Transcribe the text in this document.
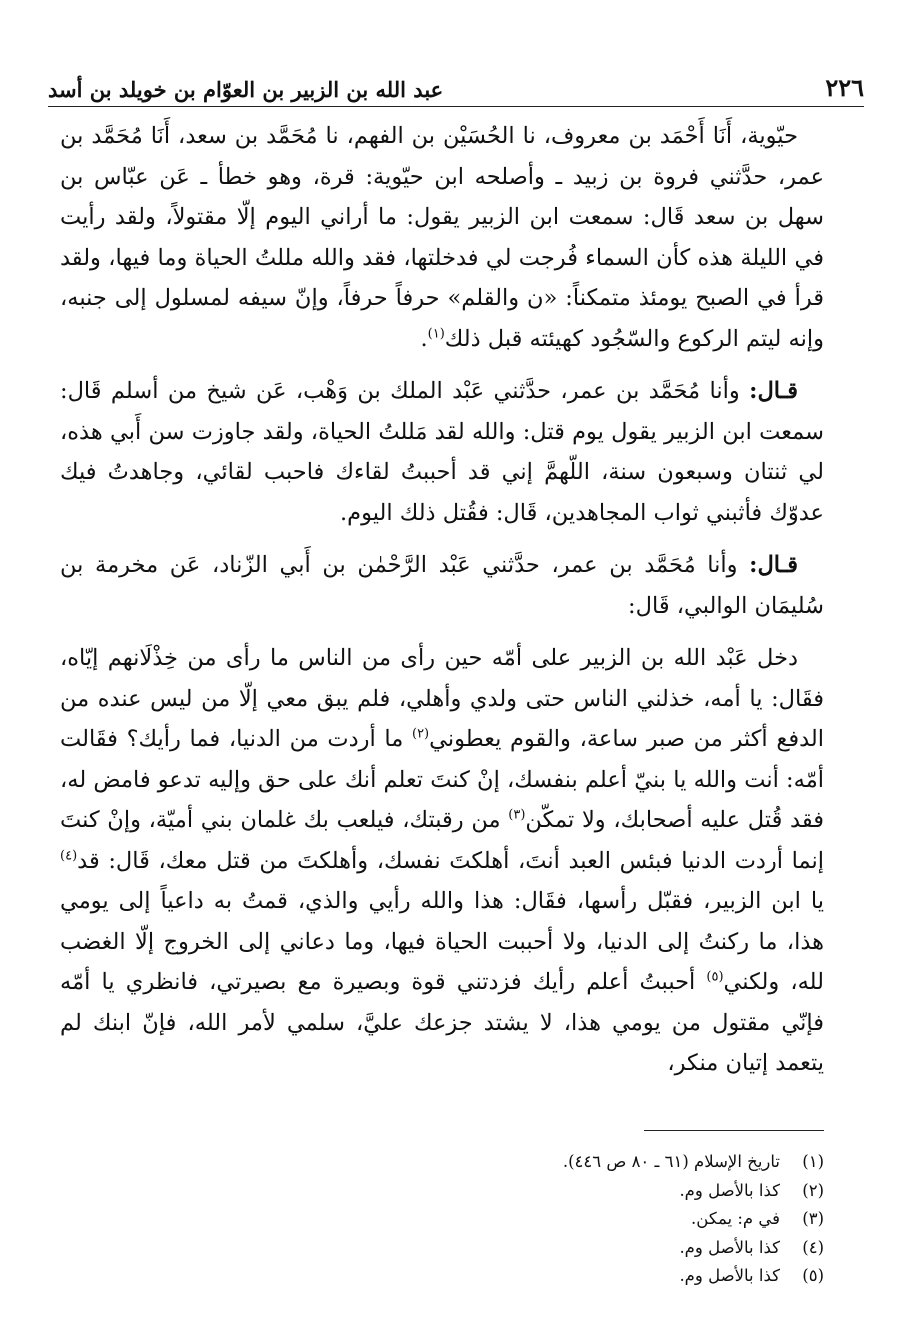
٢٢٦
عبد الله بن الزبير بن العوّام بن خويلد بن أسد

حيّوية، أَنَا أَحْمَد بن معروف، نا الحُسَيْن بن الفهم، نا مُحَمَّد بن سعد، أَنَا مُحَمَّد بن عمر، حدَّثني فروة بن زبيد ـ وأصلحه ابن حيّوية: قرة، وهو خطأ ـ عَن عبّاس بن سهل بن سعد قَال: سمعت ابن الزبير يقول: ما أراني اليوم إلّا مقتولاً، ولقد رأيت في الليلة هذه كأن السماء فُرجت لي فدخلتها، فقد والله مللتُ الحياة وما فيها، ولقد قرأ في الصبح يومئذ متمكناً: «ن والقلم» حرفاً حرفاً، وإنّ سيفه لمسلول إلى جنبه، وإنه ليتم الركوع والسّجُود كهيئته قبل ذلك$^{(١)}$.

قـال: وأنا مُحَمَّد بن عمر، حدَّثني عَبْد الملك بن وَهْب، عَن شيخ من أسلم قَال: سمعت ابن الزبير يقول يوم قتل: والله لقد مَللتُ الحياة، ولقد جاوزت سن أَبي هذه، لي ثنتان وسبعون سنة، اللّهمَّ إني قد أحببتُ لقاءك فاحبب لقائي، وجاهدتُ فيك عدوّك فأثبني ثواب المجاهدين، قَال: فقُتل ذلك اليوم.

قـال: وأنا مُحَمَّد بن عمر، حدَّثني عَبْد الرَّحْمٰن بن أَبي الزّناد، عَن مخرمة بن سُليمَان الوالبي، قَال:

دخل عَبْد الله بن الزبير على أمّه حين رأى من الناس ما رأى من خِذْلَانهم إيّاه، فقَال: يا أمه، خذلني الناس حتى ولدي وأهلي، فلم يبق معي إلّا من ليس عنده من الدفع أكثر من صبر ساعة، والقوم يعطوني$^{(٢)}$ ما أردت من الدنيا، فما رأيك؟ فقَالت أمّه: أنت والله يا بنيّ أعلم بنفسك، إنْ كنتَ تعلم أنك على حق وإليه تدعو فامض له، فقد قُتل عليه أصحابك، ولا تمكّن$^{(٣)}$ من رقبتك، فيلعب بك غلمان بني أميّة، وإنْ كنتَ إنما أردت الدنيا فبئس العبد أنتَ، أهلكتَ نفسك، وأهلكتَ من قتل معك، قَال: قد$^{(٤)}$ يا ابن الزبير، فقبّل رأسها، فقَال: هذا والله رأيي والذي، قمتُ به داعياً إلى يومي هذا، ما ركنتُ إلى الدنيا، ولا أحببت الحياة فيها، وما دعاني إلى الخروج إلّا الغضب لله، ولكني$^{(٥)}$ أحببتُ أعلم رأيك فزدتني قوة وبصيرة مع بصيرتي، فانظري يا أمّه فإنّي مقتول من يومي هذا، لا يشتد جزعك عليَّ، سلمي لأمر الله، فإنّ ابنك لم يتعمد إتيان منكر،

(١)
تاريخ الإسلام (٦١ ـ ٨٠ ص ٤٤٦).
(٢)
كذا بالأصل وم.
(٣)
في م: يمكن.
(٤)
كذا بالأصل وم.
(٥)
كذا بالأصل وم.
